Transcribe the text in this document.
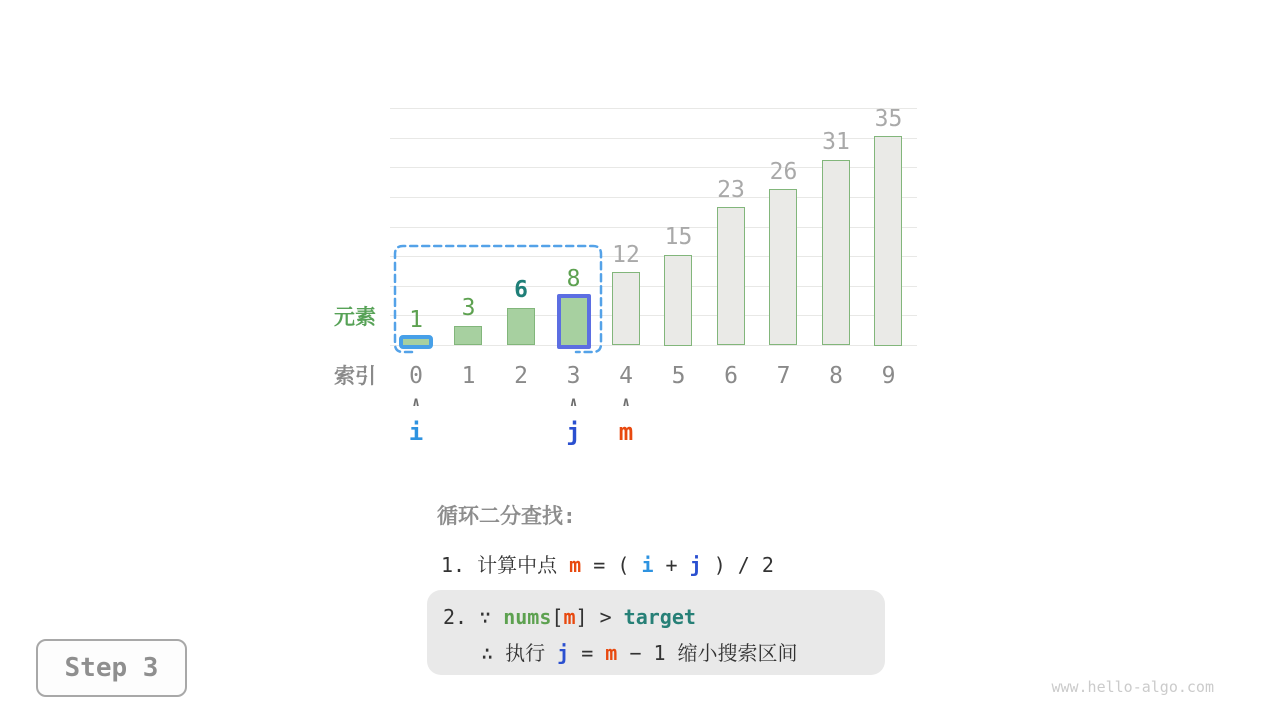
1
0
3
1
6
2
8
3
12
4
15
5
23
6
26
7
31
8
35
9
∧
i
∧
j
∧
m
元素
索引
循环二分查找:
1. 计算中点 m = ( i + j ) / 2
2. ∵ nums[m] > target
∴ 执行 j = m − 1 缩小搜索区间
Step 3
www.hello-algo.com
